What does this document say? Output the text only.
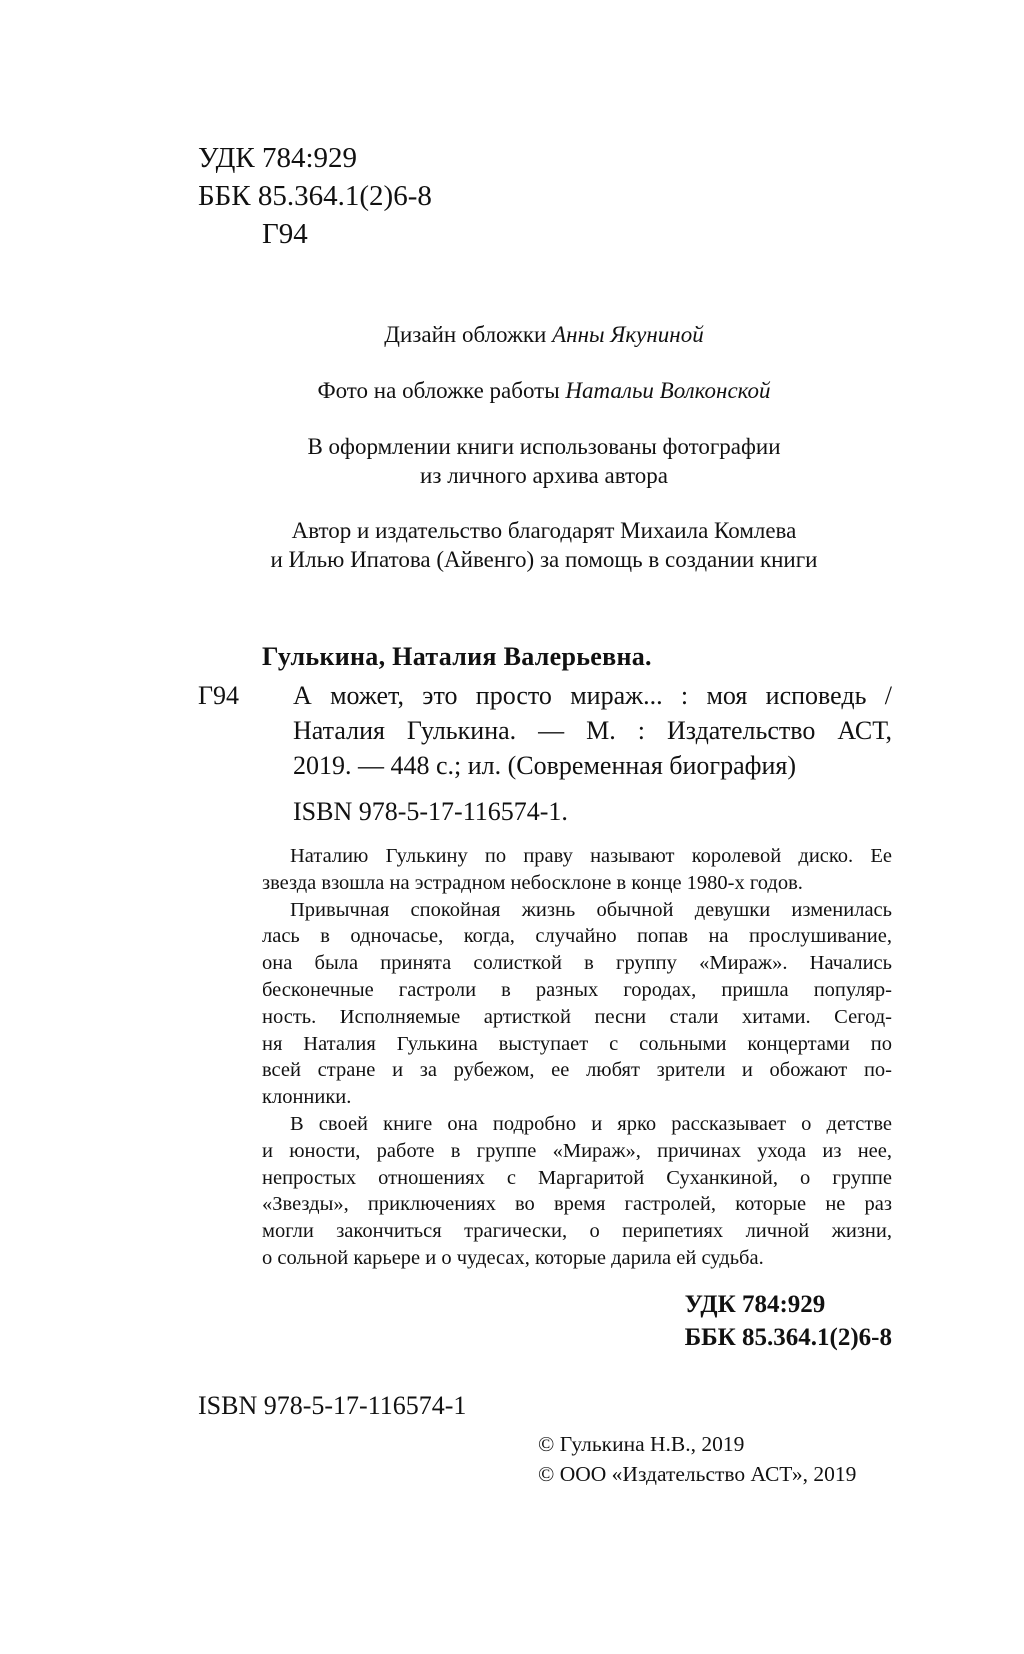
УДК 784:929
ББК 85.364.1(2)6-8
Г94
Дизайн обложки Анны Якуниной
Фото на обложке работы Натальи Волконской
В оформлении книги использованы фотографии
из личного архива автора
Автор и издательство благодарят Михаила Комлева
и Илью Ипатова (Айвенго) за помощь в создании книги
Гулькина, Наталия Валерьевна.
Г94 А может, это просто мираж... : моя исповедь /
Наталия Гулькина. — М. : Издательство АСТ,
2019. — 448 с.; ил. (Современная биография)
ISBN 978-5-17-116574-1.
Наталию Гулькину по праву называют королевой диско. Ее
звезда взошла на эстрадном небосклоне в конце 1980-х годов.
Привычная спокойная жизнь обычной девушки изменилась
лась в одночасье, когда, случайно попав на прослушивание,
она была принята солисткой в группу «Мираж». Начались
бесконечные гастроли в разных городах, пришла популяр-
ность. Исполняемые артисткой песни стали хитами. Сегод-
ня Наталия Гулькина выступает с сольными концертами по
всей стране и за рубежом, ее любят зрители и обожают по-
клонники.
В своей книге она подробно и ярко рассказывает о детстве
и юности, работе в группе «Мираж», причинах ухода из нее,
непростых отношениях с Маргаритой Суханкиной, о группе
«Звезды», приключениях во время гастролей, которые не раз
могли закончиться трагически, о перипетиях личной жизни,
о сольной карьере и о чудесах, которые дарила ей судьба.
УДК 784:929
ББК 85.364.1(2)6-8
ISBN 978-5-17-116574-1
© Гулькина Н.В., 2019
© ООО «Издательство АСТ», 2019
